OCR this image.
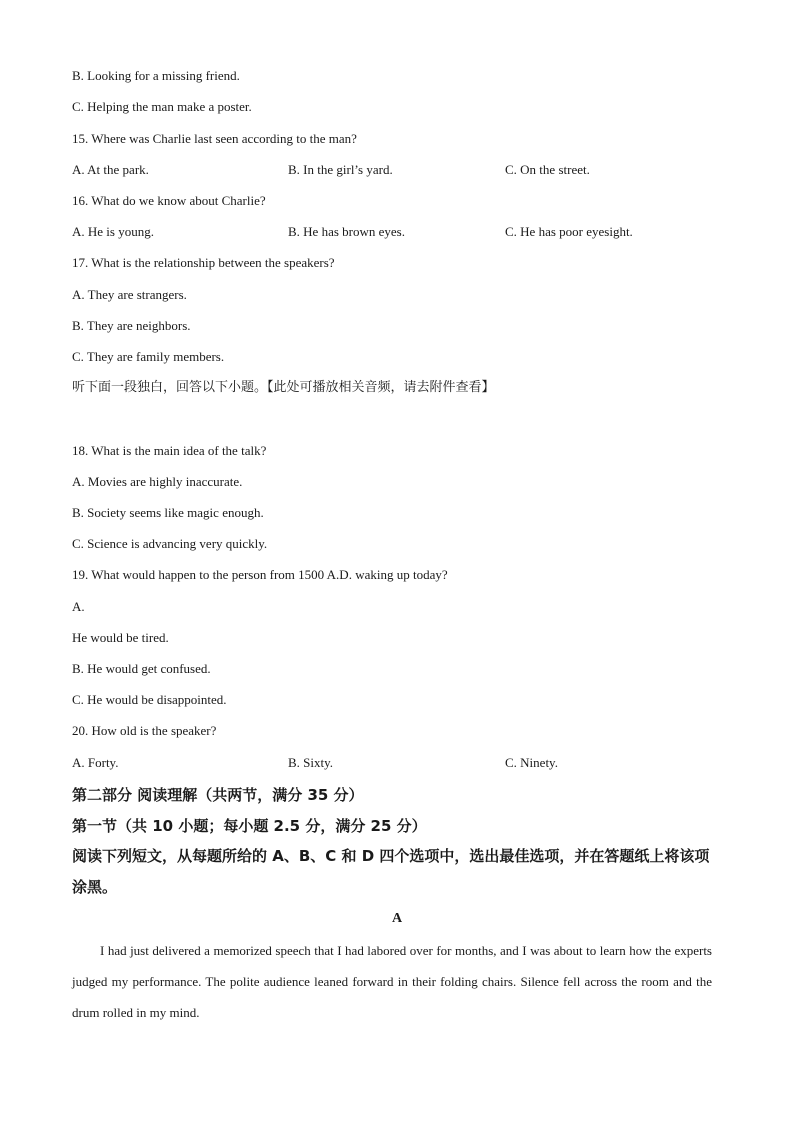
B. Looking for a missing friend.
C. Helping the man make a poster.
15. Where was Charlie last seen according to the man?
A. At the park.	B. In the girl’s yard.	C. On the street.
16. What do we know about Charlie?
A. He is young.	B. He has brown eyes.	C. He has poor eyesight.
17. What is the relationship between the speakers?
A. They are strangers.
B. They are neighbors.
C. They are family members.
听下面一段独白，回答以下小题。【此处可播放相关音频，请去附件查看】
18. What is the main idea of the talk?
A. Movies are highly inaccurate.
B. Society seems like magic enough.
C. Science is advancing very quickly.
19. What would happen to the person from 1500 A.D. waking up today?
A.
He would be tired.
B. He would get confused.
C. He would be disappointed.
20. How old is the speaker?
A. Forty.	B. Sixty.	C. Ninety.
第二部分 阅读理解（共两节，满分 35 分）
第一节（共 10 小题；每小题 2.5 分，满分 25 分）
阅读下列短文，从每题所给的 A、B、C 和 D 四个选项中，选出最佳选项，并在答题纸上将该项涂黑。
A
I had just delivered a memorized speech that I had labored over for months, and I was about to learn how the experts judged my performance. The polite audience leaned forward in their folding chairs. Silence fell across the room and the drum rolled in my mind.
